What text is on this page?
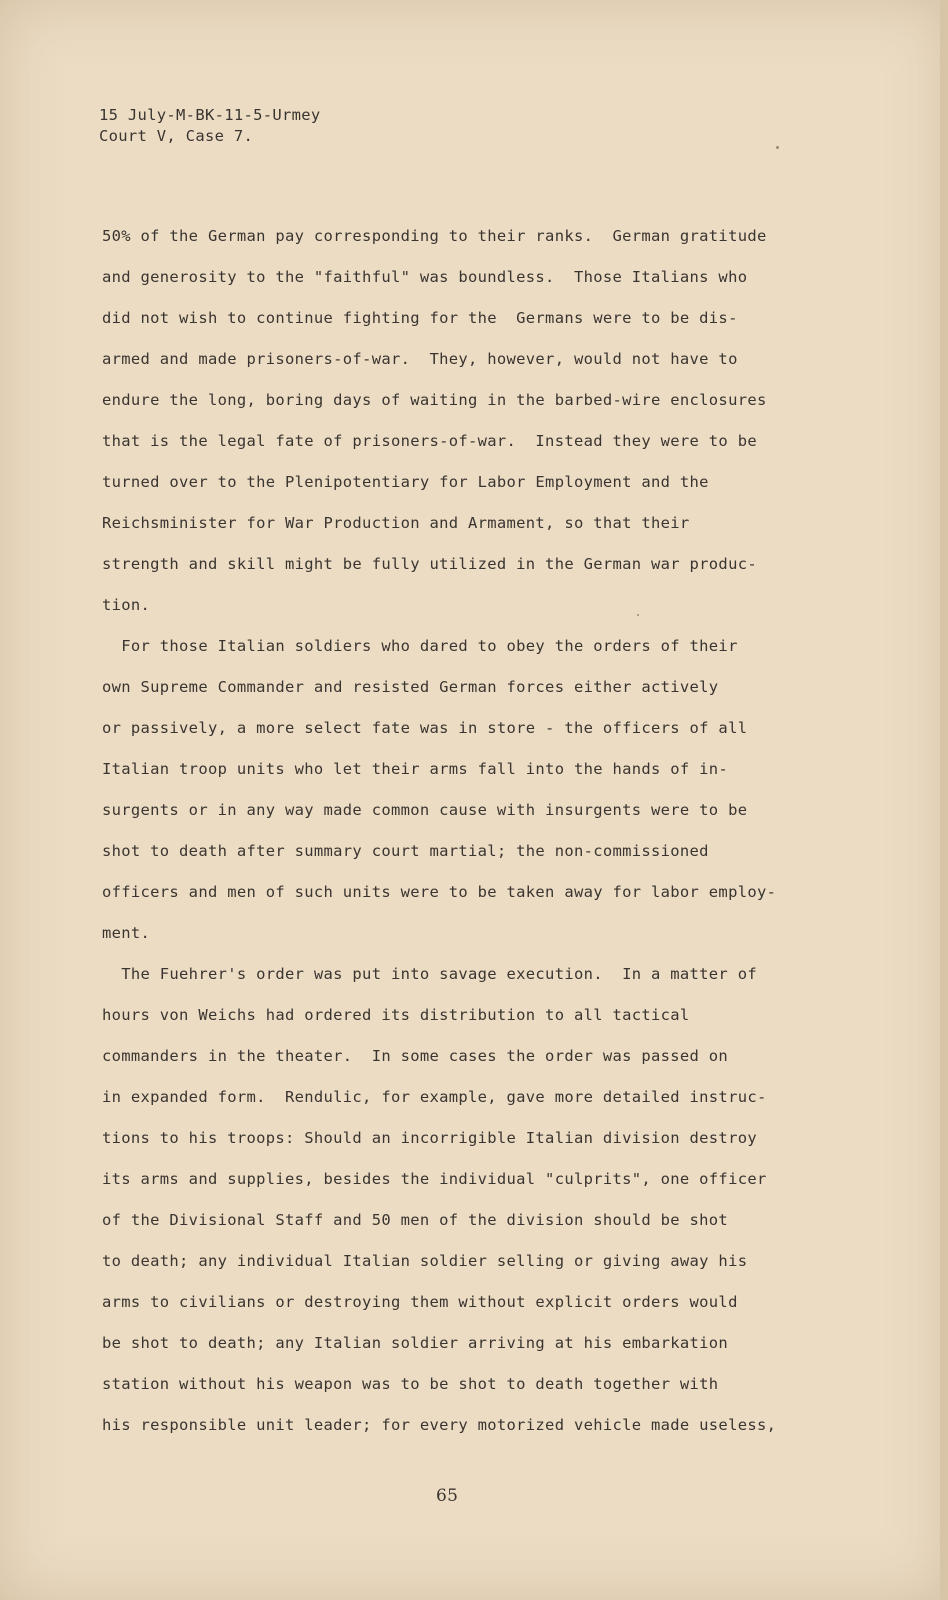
15 July-M-BK-11-5-Urmey
Court V, Case 7.
50% of the German pay corresponding to their ranks.  German gratitude
and generosity to the "faithful" was boundless.  Those Italians who
did not wish to continue fighting for the  Germans were to be dis-
armed and made prisoners-of-war.  They, however, would not have to
endure the long, boring days of waiting in the barbed-wire enclosures
that is the legal fate of prisoners-of-war.  Instead they were to be
turned over to the Plenipotentiary for Labor Employment and the
Reichsminister for War Production and Armament, so that their
strength and skill might be fully utilized in the German war produc-
tion.
For those Italian soldiers who dared to obey the orders of their
own Supreme Commander and resisted German forces either actively
or passively, a more select fate was in store - the officers of all
Italian troop units who let their arms fall into the hands of in-
surgents or in any way made common cause with insurgents were to be
shot to death after summary court martial; the non-commissioned
officers and men of such units were to be taken away for labor employ-
ment.
The Fuehrer's order was put into savage execution.  In a matter of
hours von Weichs had ordered its distribution to all tactical
commanders in the theater.  In some cases the order was passed on
in expanded form.  Rendulic, for example, gave more detailed instruc-
tions to his troops: Should an incorrigible Italian division destroy
its arms and supplies, besides the individual "culprits", one officer
of the Divisional Staff and 50 men of the division should be shot
to death; any individual Italian soldier selling or giving away his
arms to civilians or destroying them without explicit orders would
be shot to death; any Italian soldier arriving at his embarkation
station without his weapon was to be shot to death together with
his responsible unit leader; for every motorized vehicle made useless,
65
